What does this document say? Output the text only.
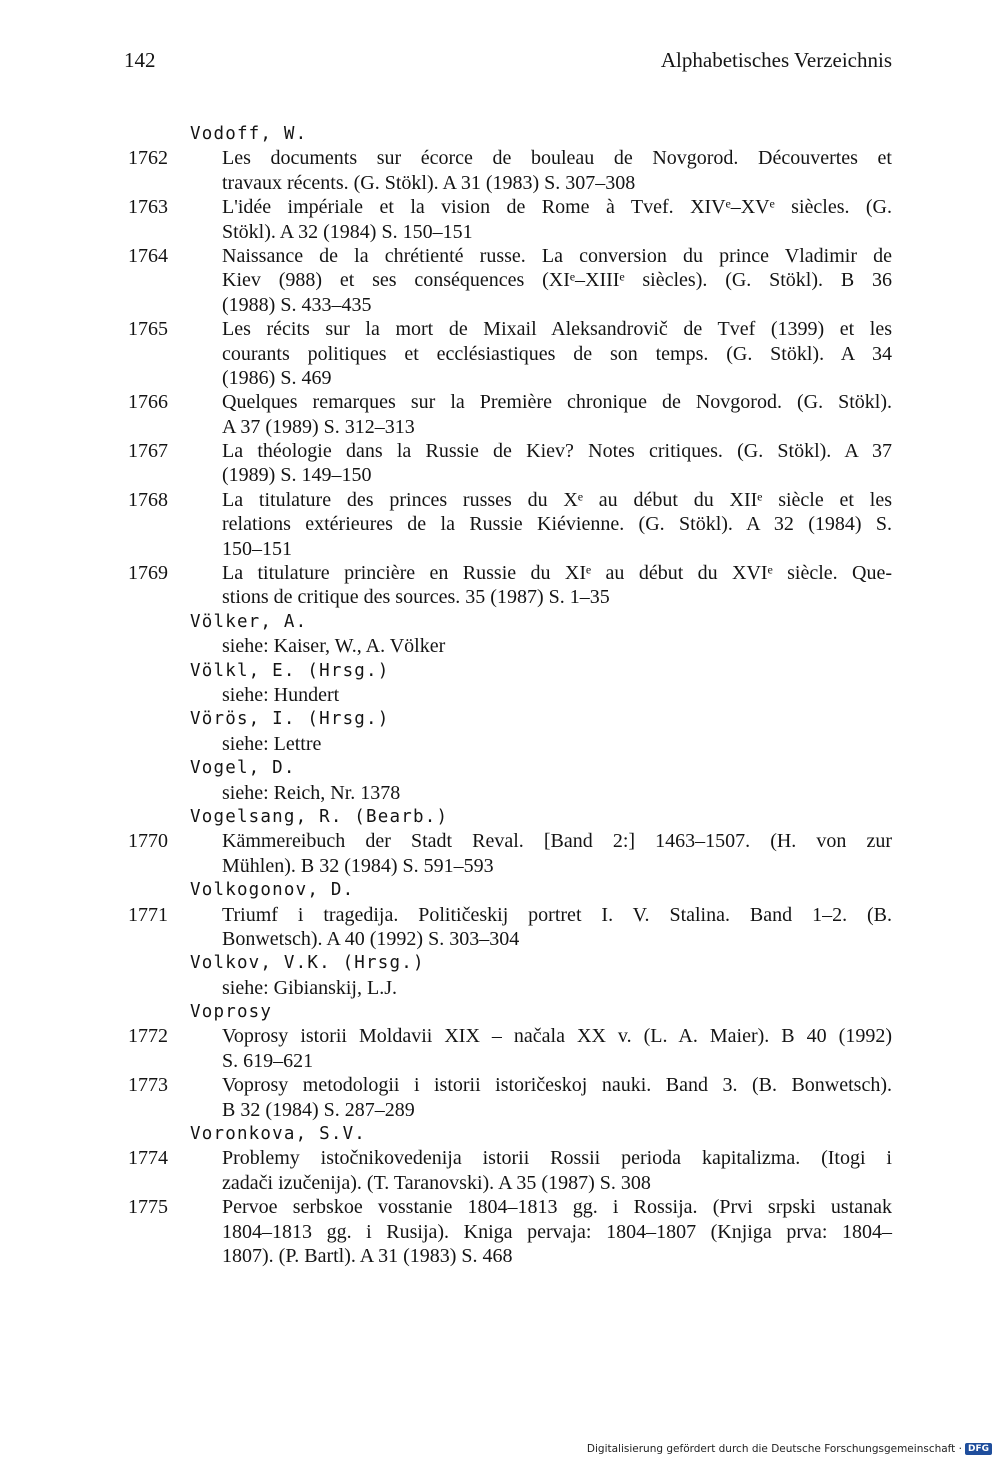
142	Alphabetisches Verzeichnis
Vodoff, W.
1762	Les documents sur écorce de bouleau de Novgorod. Découvertes et
travaux récents. (G. Stökl). A 31 (1983) S. 307–308
1763	L'idée impériale et la vision de Rome à Tvef. XIVᵉ–XVᵉ siècles. (G.
Stökl). A 32 (1984) S. 150–151
1764	Naissance de la chrétienté russe. La conversion du prince Vladimir de
Kiev (988) et ses conséquences (XIᵉ–XIIIᵉ siècles). (G. Stökl). B 36
(1988) S. 433–435
1765	Les récits sur la mort de Mixail Aleksandrovič de Tvef (1399) et les
courants politiques et ecclésiastiques de son temps. (G. Stökl). A 34
(1986) S. 469
1766	Quelques remarques sur la Première chronique de Novgorod. (G. Stökl).
A 37 (1989) S. 312–313
1767	La théologie dans la Russie de Kiev? Notes critiques. (G. Stökl). A 37
(1989) S. 149–150
1768	La titulature des princes russes du Xᵉ au début du XIIᵉ siècle et les
relations extérieures de la Russie Kiévienne. (G. Stökl). A 32 (1984) S.
150–151
1769	La titulature princière en Russie du XIᵉ au début du XVIᵉ siècle. Que-
stions de critique des sources. 35 (1987) S. 1–35
Völker, A.
siehe: Kaiser, W., A. Völker
Völkl, E. (Hrsg.)
siehe: Hundert
Vörös, I. (Hrsg.)
siehe: Lettre
Vogel, D.
siehe: Reich, Nr. 1378
Vogelsang, R. (Bearb.)
1770	Kämmereibuch der Stadt Reval. [Band 2:] 1463–1507. (H. von zur
Mühlen). B 32 (1984) S. 591–593
Volkogonov, D.
1771	Triumf i tragedija. Političeskij portret I. V. Stalina. Band 1–2. (B.
Bonwetsch). A 40 (1992) S. 303–304
Volkov, V.K. (Hrsg.)
siehe: Gibianskij, L.J.
Voprosy
1772	Voprosy istorii Moldavii XIX – načala XX v. (L. A. Maier). B 40 (1992)
S. 619–621
1773	Voprosy metodologii i istorii istoričeskoj nauki. Band 3. (B. Bonwetsch).
B 32 (1984) S. 287–289
Voronkova, S.V.
1774	Problemy istočnikovedenija istorii Rossii perioda kapitalizma. (Itogi i
zadači izučenija). (T. Taranovski). A 35 (1987) S. 308
1775	Pervoe serbskoe vosstanie 1804–1813 gg. i Rossija. (Prvi srpski ustanak
1804–1813 gg. i Rusija). Kniga pervaja: 1804–1807 (Knjiga prva: 1804–
1807). (P. Bartl). A 31 (1983) S. 468
Digitalisierung gefördert durch die Deutsche Forschungsgemeinschaft · DFG
